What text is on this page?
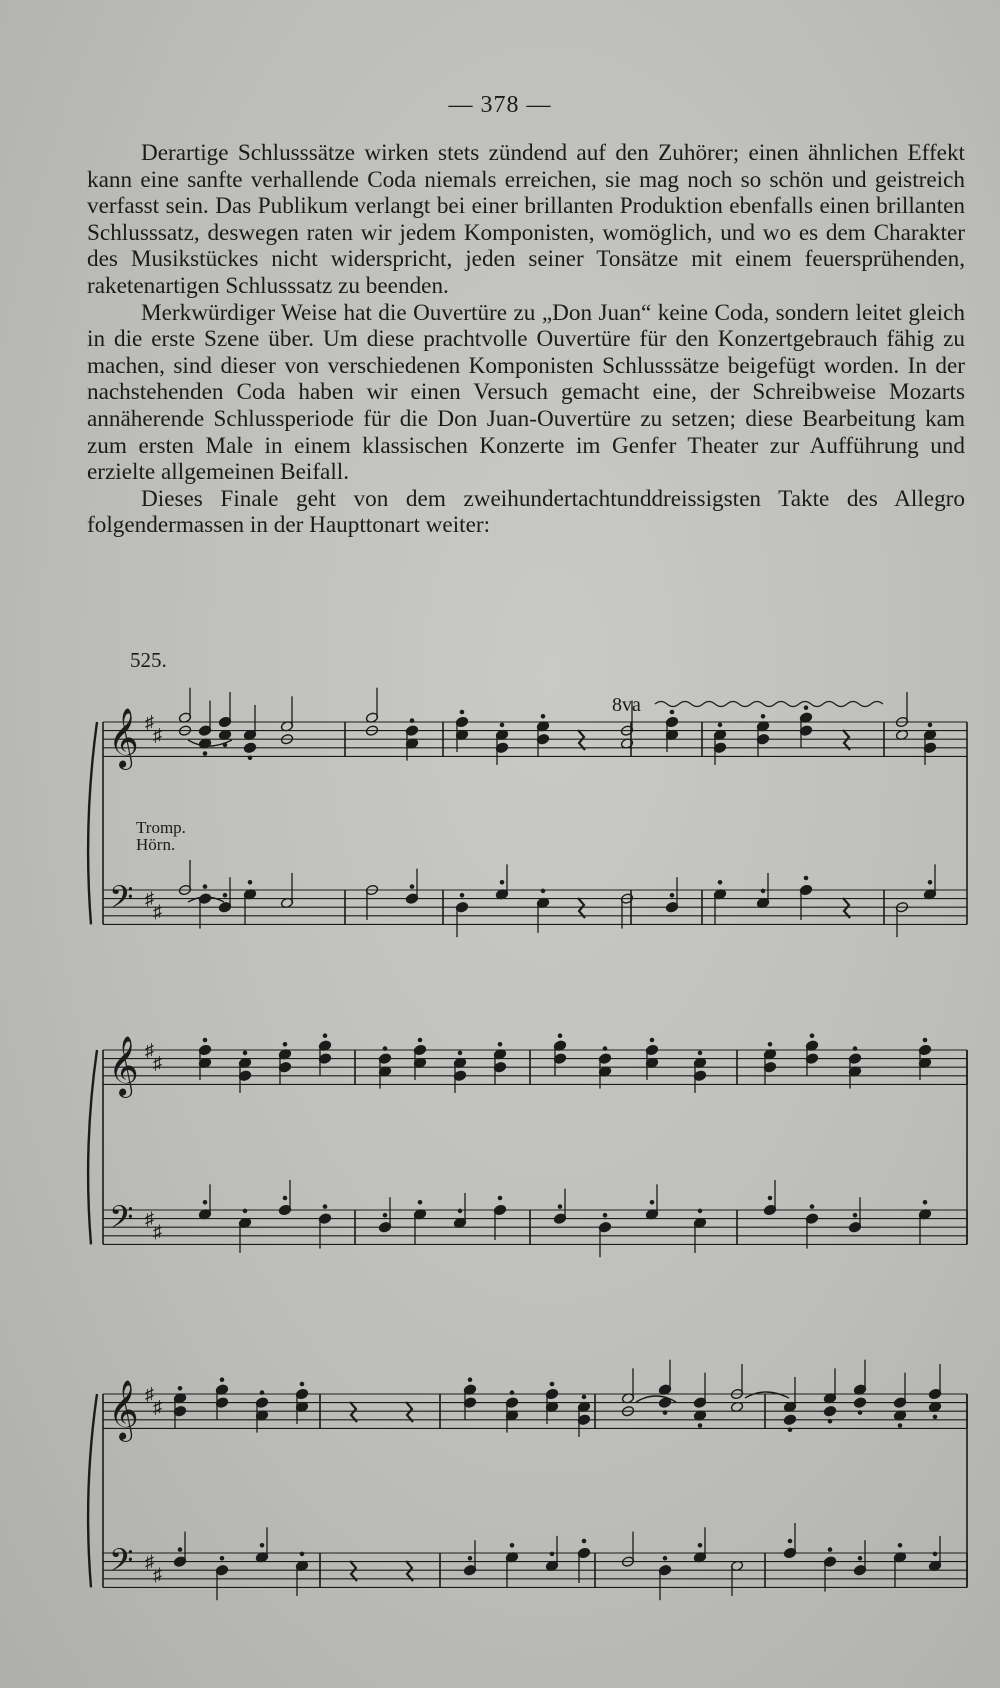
— 378 —

Derartige Schlusssätze wirken stets zündend auf den Zuhörer; einen ähnlichen Effekt kann eine sanfte verhallende Coda niemals erreichen, sie mag noch so schön und geistreich verfasst sein. Das Publikum verlangt bei einer brillanten Produktion ebenfalls einen brillanten Schlusssatz, deswegen raten wir jedem Komponisten, womöglich, und wo es dem Charakter des Musikstückes nicht widerspricht, jeden seiner Tonsätze mit einem feuersprühenden, raketenartigen Schlusssatz zu beenden.

Merkwürdiger Weise hat die Ouvertüre zu „Don Juan“ keine Coda, sondern leitet gleich in die erste Szene über. Um diese prachtvolle Ouvertüre für den Konzertgebrauch fähig zu machen, sind dieser von verschiedenen Komponisten Schlusssätze beigefügt worden. In der nachstehenden Coda haben wir einen Versuch gemacht eine, der Schreibweise Mozarts annäherende Schlussperiode für die Don Juan-Ouvertüre zu setzen; diese Bearbeitung kam zum ersten Male in einem klassischen Konzerte im Genfer Theater zur Aufführung und erzielte allgemeinen Beifall.

Dieses Finale geht von dem zweihundertachtunddreissigsten Takte des Allegro folgendermassen in der Haupttonart weiter:

525.
8va
Tromp.
Hörn.
𝄞
𝄢
♯
♯
♯
♯
𝄞
𝄢
♯
♯
♯
♯
𝄞
𝄢
♯
♯
♯
♯
